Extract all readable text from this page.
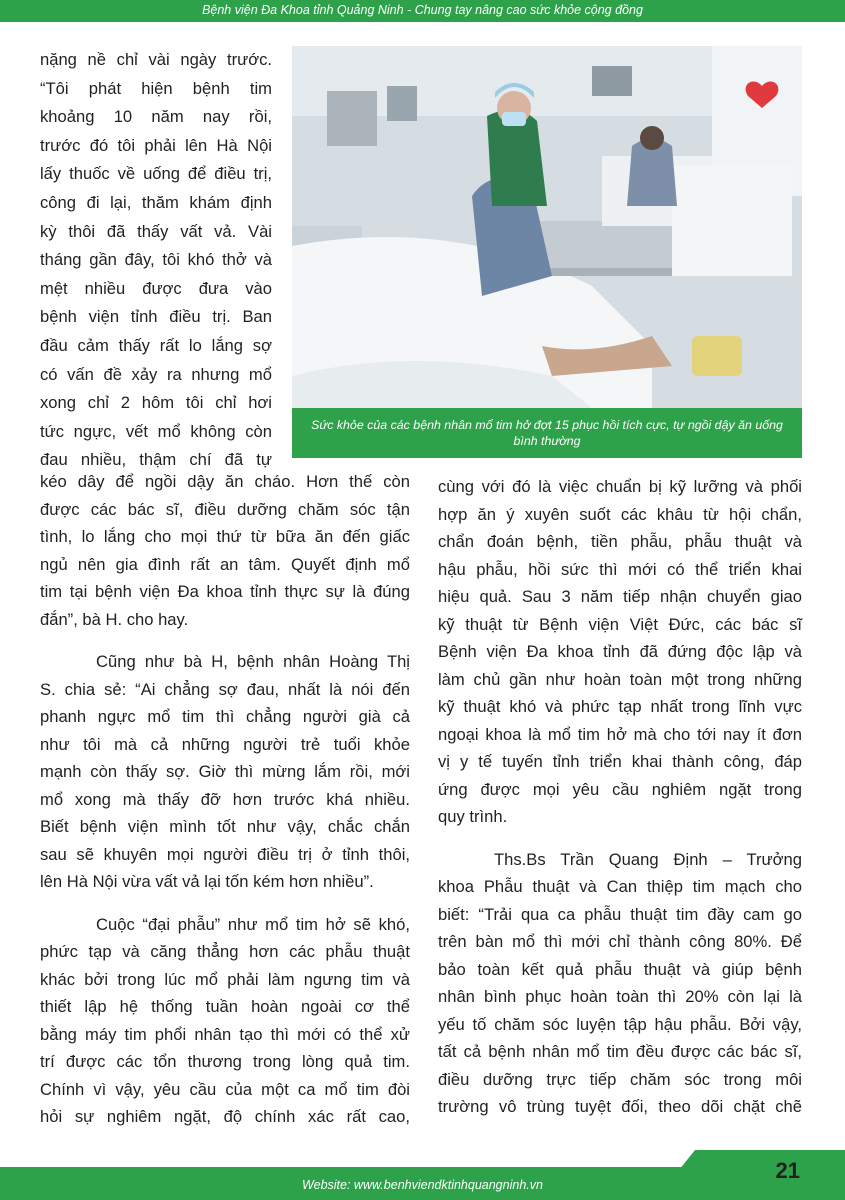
Bệnh viện Đa Khoa tỉnh Quảng Ninh - Chung tay nâng cao sức khỏe cộng đồng
Sức khỏe của các bệnh nhân mổ tim hở đợt 15 phục hồi tích cực, tự ngồi dậy ăn uống bình thường
nặng nề chỉ vài ngày trước.
“Tôi phát hiện bệnh tim
khoảng 10 năm nay rồi,
trước đó tôi phải lên Hà Nội
lấy thuốc về uống để điều trị,
công đi lại, thăm khám định
kỳ thôi đã thấy vất vả. Vài
tháng gần đây, tôi khó thở và
mệt nhiều được đưa vào
bệnh viện tỉnh điều trị. Ban
đầu cảm thấy rất lo lắng sợ
có vấn đề xảy ra nhưng mổ
xong chỉ 2 hôm tôi chỉ hơi
tức ngực, vết mổ không còn
đau nhiều, thậm chí đã tự
kéo dây để ngồi dậy ăn cháo. Hơn thế còn
được các bác sĩ, điều dưỡng chăm sóc tận
tình, lo lắng cho mọi thứ từ bữa ăn đến giấc
ngủ nên gia đình rất an tâm. Quyết định mổ
tim tại bệnh viện Đa khoa tỉnh thực sự là đúng
đắn”, bà H. cho hay.
Cũng như bà H, bệnh nhân Hoàng Thị
S. chia sẻ: “Ai chẳng sợ đau, nhất là nói đến
phanh ngực mổ tim thì chẳng người già cả
như tôi mà cả những người trẻ tuổi khỏe
mạnh còn thấy sợ. Giờ thì mừng lắm rồi, mới
mổ xong mà thấy đỡ hơn trước khá nhiều.
Biết bệnh viện mình tốt như vậy, chắc chắn
sau sẽ khuyên mọi người điều trị ở tỉnh thôi,
lên Hà Nội vừa vất vả lại tốn kém hơn nhiều”.
Cuộc “đại phẫu” như mổ tim hở sẽ khó,
phức tạp và căng thẳng hơn các phẫu thuật
khác bởi trong lúc mổ phải làm ngưng tim và
thiết lập hệ thống tuần hoàn ngoài cơ thể
bằng máy tim phổi nhân tạo thì mới có thể xử
trí được các tổn thương trong lòng quả tim.
Chính vì vậy, yêu cầu của một ca mổ tim đòi
hỏi sự nghiêm ngặt, độ chính xác rất cao,
cùng với đó là việc chuẩn bị kỹ lưỡng và phối
hợp ăn ý xuyên suốt các khâu từ hội chẩn,
chẩn đoán bệnh, tiền phẫu, phẫu thuật và
hậu phẫu, hồi sức thì mới có thể triển khai
hiệu quả. Sau 3 năm tiếp nhận chuyển giao
kỹ thuật từ Bệnh viện Việt Đức, các bác sĩ
Bệnh viện Đa khoa tỉnh đã đứng độc lập và
làm chủ gần như hoàn toàn một trong những
kỹ thuật khó và phức tạp nhất trong lĩnh vực
ngoại khoa là mổ tim hở mà cho tới nay ít đơn
vị y tế tuyến tỉnh triển khai thành công, đáp
ứng được mọi yêu cầu nghiêm ngặt trong
quy trình.
Ths.Bs Trần Quang Định – Trưởng
khoa Phẫu thuật và Can thiệp tim mạch cho
biết: “Trải qua ca phẫu thuật tim đầy cam go
trên bàn mổ thì mới chỉ thành công 80%. Để
bảo toàn kết quả phẫu thuật và giúp bệnh
nhân bình phục hoàn toàn thì 20% còn lại là
yếu tố chăm sóc luyện tập hậu phẫu. Bởi vậy,
tất cả bệnh nhân mổ tim đều được các bác sĩ,
điều dưỡng trực tiếp chăm sóc trong môi
trường vô trùng tuyệt đối, theo dõi chặt chẽ
Website: www.benhviendktinhquangninh.vn
21
